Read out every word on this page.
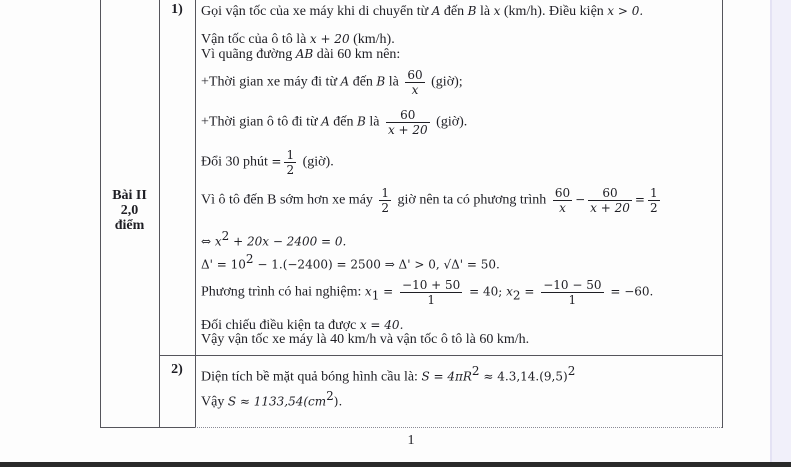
Bài II
2,0
điểm
1)
2)
Gọi vận tốc của xe máy khi di chuyển từ A đến B là x (km/h). Điều kiện x > 0.
Vận tốc của ô tô là x + 20 (km/h).
Vì quãng đường AB dài 60 km nên:
+Thời gian xe máy đi từ A đến B là $\frac{60}{x}$ (giờ);
+Thời gian ô tô đi từ A đến B là $\frac{60}{x + 20}$ (giờ).
Đổi 30 phút = $\frac{1}{2}$ (giờ).
Vì ô tô đến B sớm hơn xe máy $\frac{1}{2}$ giờ nên ta có phương trình $\frac{60}{x} - \frac{60}{x + 20} = \frac{1}{2}$
⇔ $x^2 + 20x - 2400 = 0$.
$\Delta' = 10^2 - 1.(-2400) = 2500$ ⇒ Δ' > 0, √Δ' = 50.
Phương trình có hai nghiệm: $x_1 = \frac{-10 + 50}{1} = 40$; $x_2 = \frac{-10 - 50}{1} = -60$.
Đối chiếu điều kiện ta được x = 40.
Vậy vận tốc xe máy là 40 km/h và vận tốc ô tô là 60 km/h.
Diện tích bề mặt quả bóng hình cầu là: $S = 4\pi R^2 \approx 4.3,14.(9,5)^2$
Vậy $S \approx 1133,54(cm^2)$.
1
